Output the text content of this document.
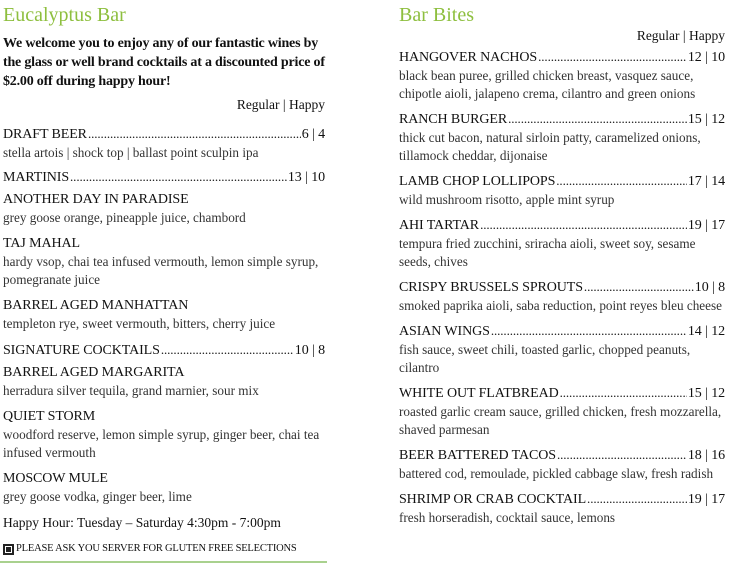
Eucalyptus Bar
We welcome you to enjoy any of our fantastic wines by the glass or well brand cocktails at a discounted price of $2.00 off during happy hour!
Regular | Happy
DRAFT BEER .....	6 | 4
stella artois | shock top | ballast point sculpin ipa
MARTINIS .....	13 | 10
ANOTHER DAY IN PARADISE
grey goose orange, pineapple juice, chambord
TAJ MAHAL
hardy vsop, chai tea infused vermouth, lemon simple syrup, pomegranate juice
BARREL AGED MANHATTAN
templeton rye, sweet vermouth, bitters, cherry juice
SIGNATURE COCKTAILS .....	10 | 8
BARREL AGED MARGARITA
herradura silver tequila, grand marnier, sour mix
QUIET STORM
woodford reserve, lemon simple syrup, ginger beer, chai tea infused vermouth
MOSCOW MULE
grey goose vodka, ginger beer, lime
Happy Hour: Tuesday – Saturday 4:30pm - 7:00pm
PLEASE ASK YOU SERVER FOR GLUTEN FREE SELECTIONS
Bar Bites
Regular | Happy
HANGOVER NACHOS .....	12 | 10
black bean puree, grilled chicken breast, vasquez sauce, chipotle aioli, jalapeno crema, cilantro and green onions
RANCH BURGER .....	15 | 12
thick cut bacon, natural sirloin patty, caramelized onions, tillamock cheddar, dijonaise
LAMB CHOP LOLLIPOPS .....	17 | 14
wild mushroom risotto, apple mint syrup
AHI TARTAR .....	19 | 17
tempura fried zucchini, sriracha aioli, sweet soy, sesame seeds, chives
CRISPY BRUSSELS SPROUTS .....	10 | 8
smoked paprika aioli, saba reduction, point reyes bleu cheese
ASIAN WINGS .....	14 | 12
fish sauce, sweet chili, toasted garlic, chopped peanuts, cilantro
WHITE OUT FLATBREAD .....	15 | 12
roasted garlic cream sauce, grilled chicken, fresh mozzarella, shaved parmesan
BEER BATTERED TACOS .....	18 | 16
battered cod, remoulade, pickled cabbage slaw, fresh radish
SHRIMP OR CRAB COCKTAIL .....	19 | 17
fresh horseradish, cocktail sauce, lemons
